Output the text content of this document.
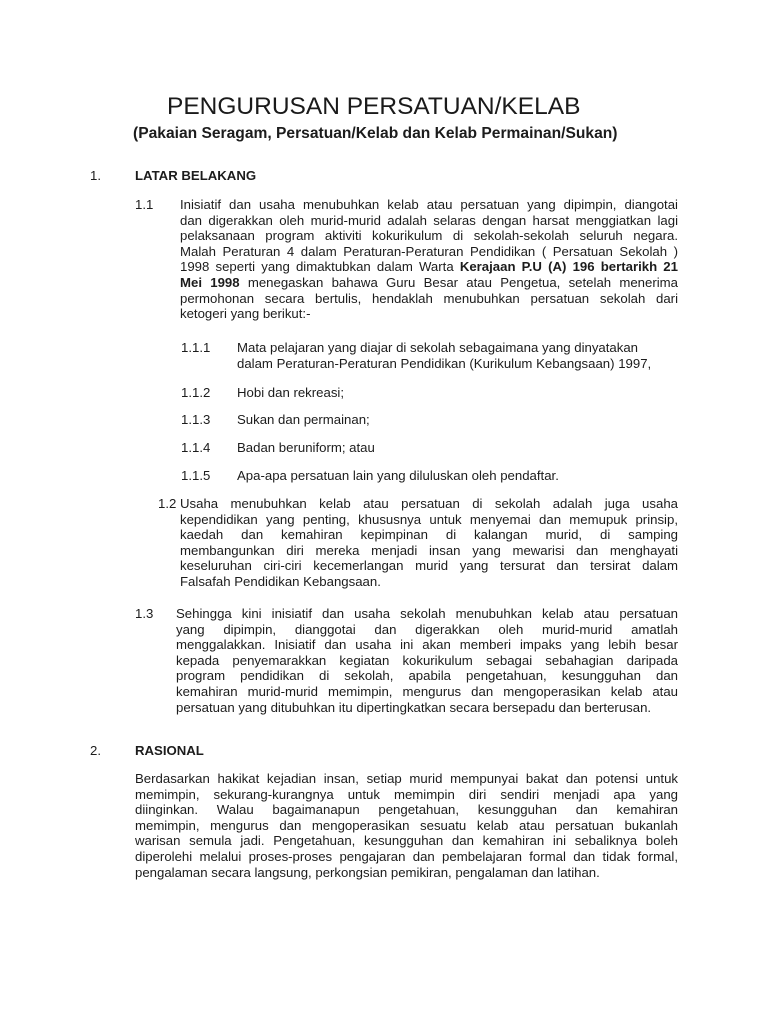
PENGURUSAN PERSATUAN/KELAB
(Pakaian Seragam, Persatuan/Kelab dan Kelab Permainan/Sukan)
1.	LATAR BELAKANG
1.1 Inisiatif dan usaha menubuhkan kelab atau persatuan yang dipimpin, diangotai
dan digerakkan oleh murid-murid adalah selaras dengan harsat menggiatkan lagi
pelaksanaan program aktiviti kokurikulum di sekolah-sekolah seluruh negara.
Malah Peraturan 4 dalam Peraturan-Peraturan Pendidikan ( Persatuan Sekolah )
1998 seperti yang dimaktubkan dalam Warta Kerajaan P.U (A) 196 bertarikh 21
Mei 1998 menegaskan bahawa Guru Besar atau Pengetua, setelah menerima
permohonan secara bertulis, hendaklah menubuhkan persatuan sekolah dari
ketogeri yang berikut:-
1.1.1 Mata pelajaran yang diajar di sekolah sebagaimana yang dinyatakan
dalam Peraturan-Peraturan Pendidikan (Kurikulum Kebangsaan) 1997,
1.1.2 Hobi dan rekreasi;
1.1.3 Sukan dan permainan;
1.1.4 Badan beruniform; atau
1.1.5 Apa-apa persatuan lain yang diluluskan oleh pendaftar.
1.2 Usaha menubuhkan kelab atau persatuan di sekolah adalah juga usaha
kependidikan yang penting, khususnya untuk menyemai dan memupuk prinsip,
kaedah dan kemahiran kepimpinan di kalangan murid, di samping
membangunkan diri mereka menjadi insan yang mewarisi dan menghayati
keseluruhan ciri-ciri kecemerlangan murid yang tersurat dan tersirat dalam
Falsafah Pendidikan Kebangsaan.
1.3 Sehingga kini inisiatif dan usaha sekolah menubuhkan kelab atau persatuan
yang dipimpin, dianggotai dan digerakkan oleh murid-murid amatlah
menggalakkan. Inisiatif dan usaha ini akan memberi impaks yang lebih besar
kepada penyemarakkan kegiatan kokurikulum sebagai sebahagian daripada
program pendidikan di sekolah, apabila pengetahuan, kesungguhan dan
kemahiran murid-murid memimpin, mengurus dan mengoperasikan kelab atau
persatuan yang ditubuhkan itu dipertingkatkan secara bersepadu dan berterusan.
2.	RASIONAL
Berdasarkan hakikat kejadian insan, setiap murid mempunyai bakat dan potensi untuk
memimpin, sekurang-kurangnya untuk memimpin diri sendiri menjadi apa yang
diinginkan. Walau bagaimanapun pengetahuan, kesungguhan dan kemahiran
memimpin, mengurus dan mengoperasikan sesuatu kelab atau persatuan bukanlah
warisan semula jadi. Pengetahuan, kesungguhan dan kemahiran ini sebaliknya boleh
diperolehi melalui proses-proses pengajaran dan pembelajaran formal dan tidak formal,
pengalaman secara langsung, perkongsian pemikiran, pengalaman dan latihan.
